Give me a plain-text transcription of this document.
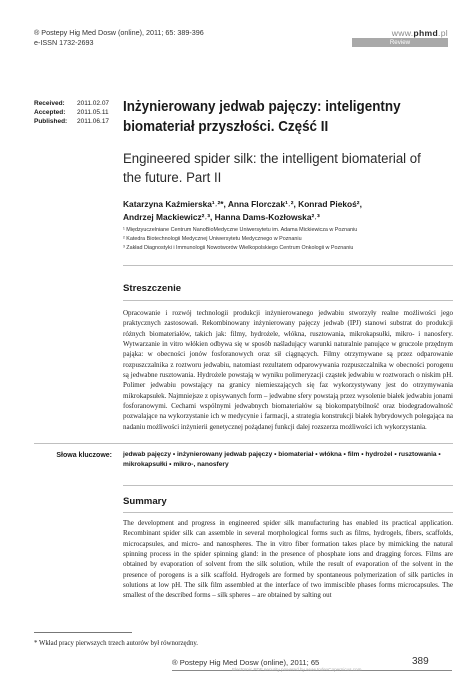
® Postepy Hig Med Dosw (online), 2011; 65: 389-396
e-ISSN 1732-2693
www.phmd.pl
Review
Received: 2011.02.07
Accepted: 2011.05.11
Published: 2011.06.17
Inżynierowany jedwab pajęczy: inteligentny biomateriał przyszłości. Część II
Engineered spider silk: the intelligent biomaterial of the future. Part II
Katarzyna Kaźmierska¹˒²*, Anna Florczak¹˒², Konrad Piekoś²,
Andrzej Mackiewicz²˒³, Hanna Dams-Kozłowska²˒³
¹ Międzyuczelniane Centrum NanoBioMedyczne Uniwersytetu im. Adama Mickiewicza w Poznaniu
² Katedra Biotechnologii Medycznej Uniwersytetu Medycznego w Poznaniu
³ Zakład Diagnostyki i Immunologii Nowotworów Wielkopolskiego Centrum Onkologii w Poznaniu
Streszczenie
Opracowanie i rozwój technologii produkcji inżynierowanego jedwabiu stworzyły realne możliwości jego praktycznych zastosowań. Rekombinowany inżynierowany pajęczy jedwab (IPJ) stanowi substrat do produkcji różnych biomateriałów, takich jak: filmy, hydrożele, włókna, rusztowania, mikrokapsułki, mikro- i nanosfery. Wytwarzanie in vitro włókien odbywa się w sposób naśladujący warunki naturalnie panujące w gruczole przędnym pająka: w obecności jonów fosforanowych oraz sił ciągnących. Filmy otrzymywane są przez odparowanie rozpuszczalnika z roztworu jedwabiu, natomiast rezultatem odparowywania rozpuszczalnika w obecności porogenu są jedwabne rusztowania. Hydrożele powstają w wyniku polimeryzacji cząstek jedwabiu w roztworach o niskim pH. Polimer jedwabiu powstający na granicy niemieszających się faz wykorzystywany jest do otrzymywania mikrokapsułek. Najmniejsze z opisywanych form – jedwabne sfery powstają przez wysolenie białek jedwabiu jonami fosforanowymi. Cechami wspólnymi jedwabnych biomateriałów są biokompatybilność oraz biodegradowalność pozwalające na wykorzystanie ich w medycynie i farmacji, a strategia konstrukcji białek hybrydowych polegająca na nadaniu możliwości inżynierii genetycznej pożądanej funkcji dalej rozszerza możliwości ich wykorzystania.
Słowa kluczowe: jedwab pajęczy • inżynierowany jedwab pajęczy • biomateriał • włókna • film • hydrożel • rusztowania • mikrokapsułki • mikro-, nanosfery
Summary
The development and progress in engineered spider silk manufacturing has enabled its practical application. Recombinant spider silk can assemble in several morphological forms such as films, hydrogels, fibers, scaffolds, microcapsules, and micro- and nanospheres. The in vitro fiber formation takes place by mimicking the natural spinning process in the spider spinning gland: in the presence of phosphate ions and dragging forces. Films are obtained by evaporation of solvent from the silk solution, while the result of evaporation of the solvent in the presence of porogens is a silk scaffold. Hydrogels are formed by spontaneous polymerization of silk particles in solutions at low pH. The silk film assembled at the interface of two immiscible phases forms microcapsules. The smallest of the described forms – silk spheres – are obtained by salting out
* Wkład pracy pierwszych trzech autorów był równorzędny.
® Postepy Hig Med Dosw (online), 2011; 65	389
Electronic PDF security powered by www.IndexCopernicus.com
